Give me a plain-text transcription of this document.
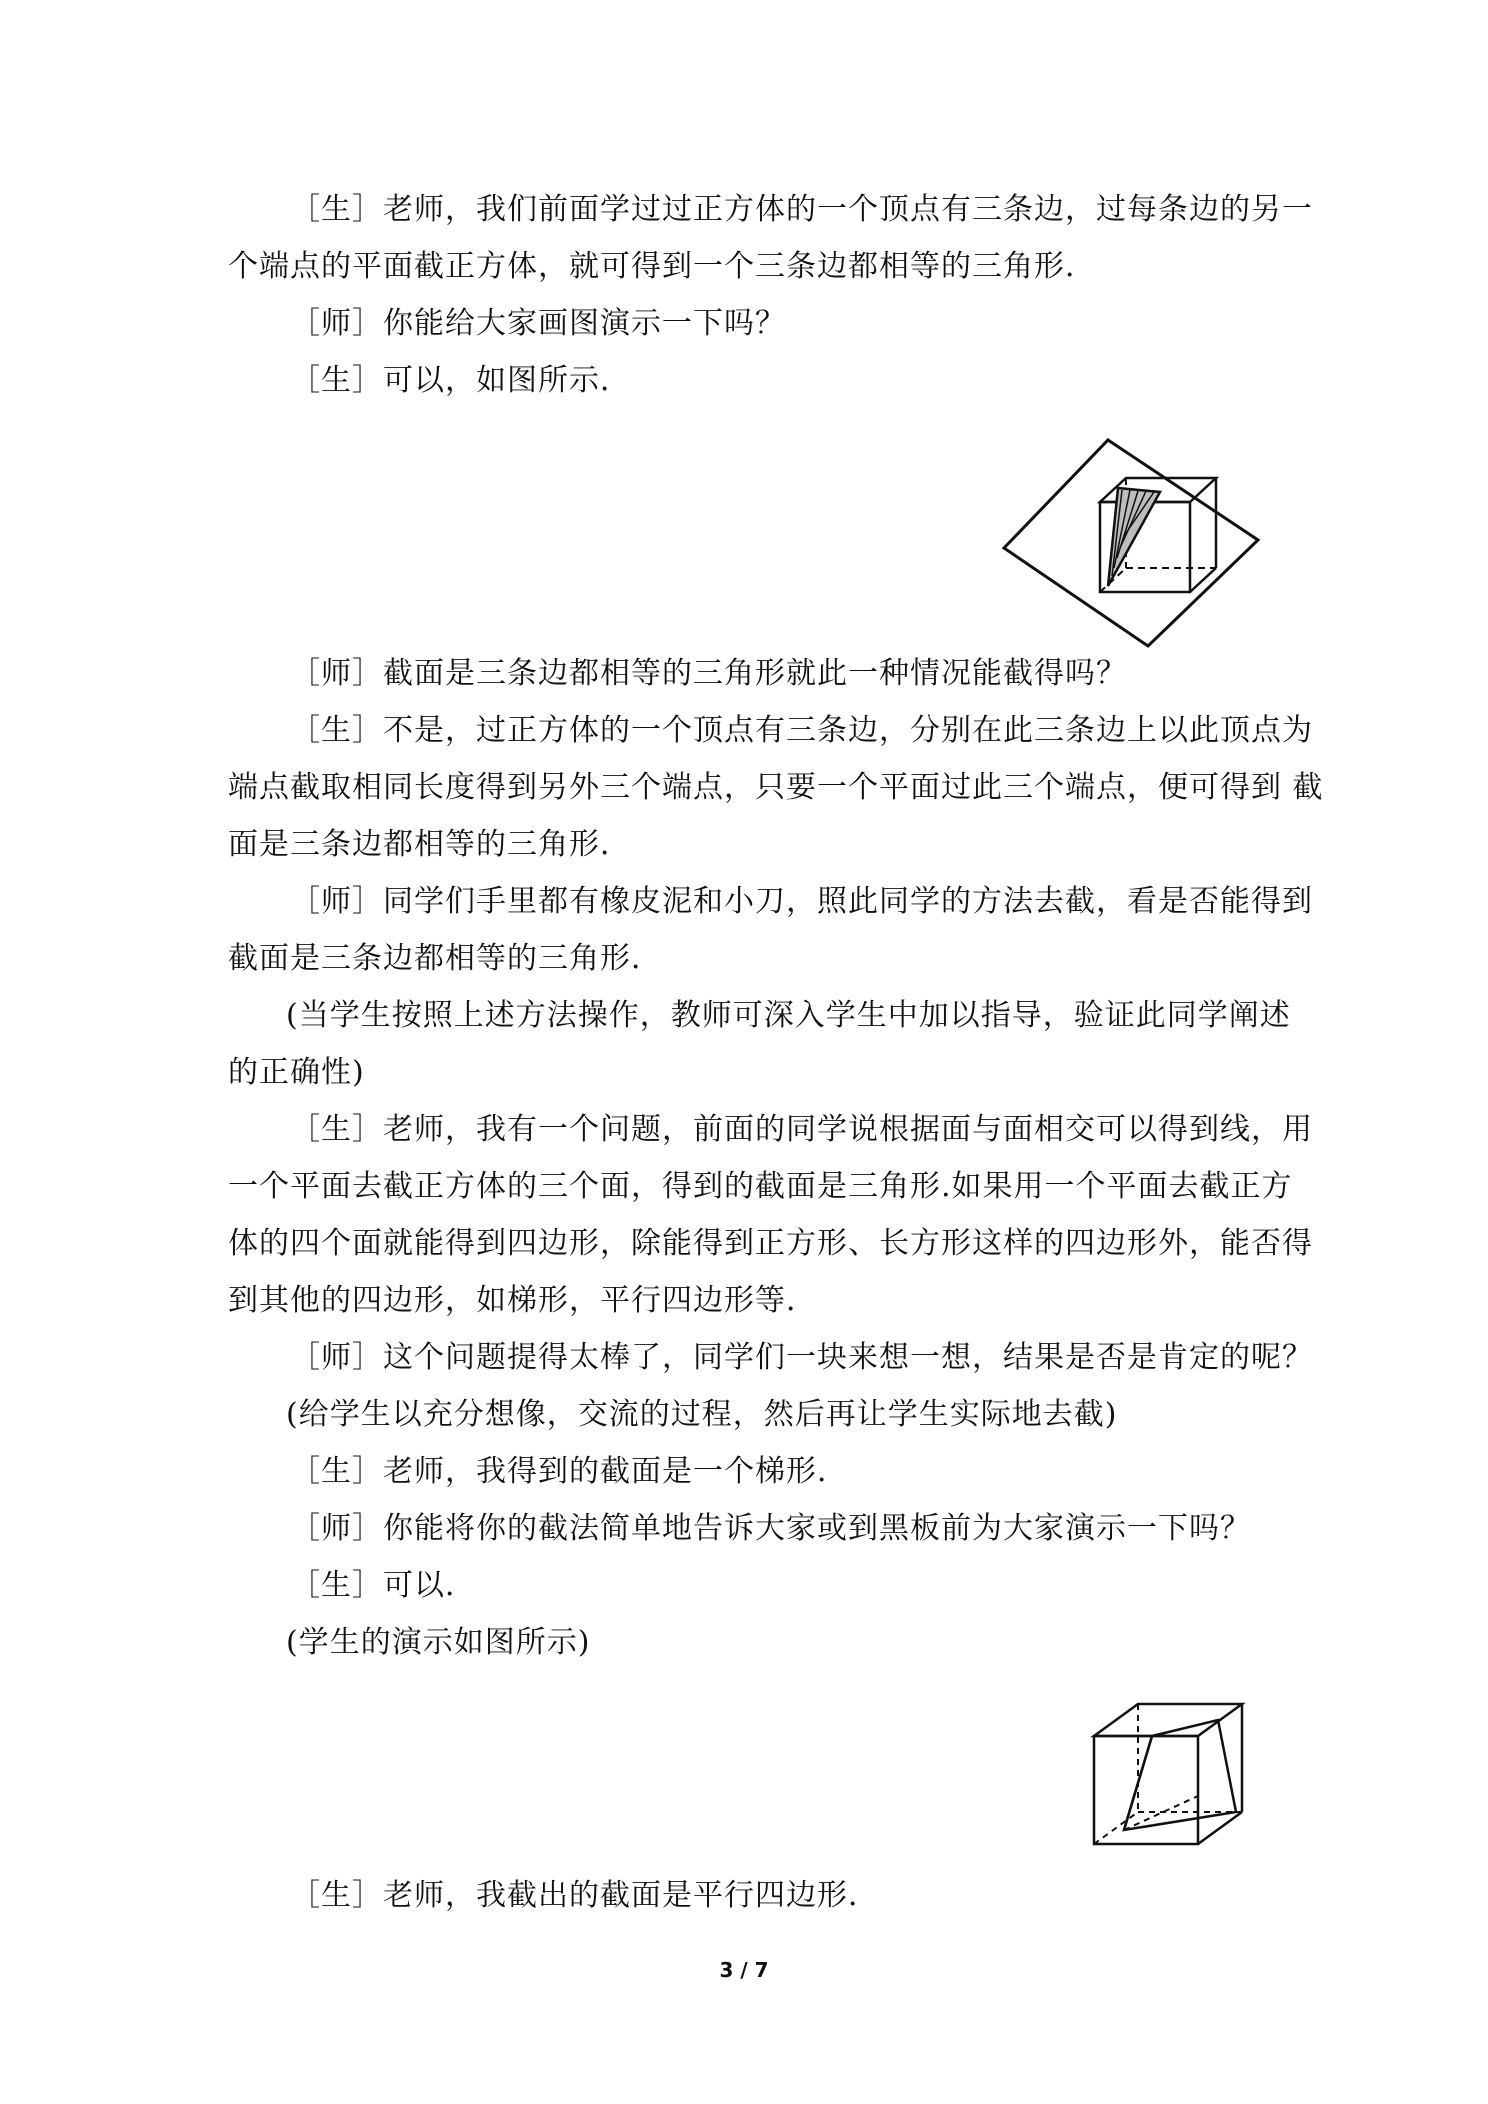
［生］老师，我们前面学过过正方体的一个顶点有三条边，过每条边的另一
个端点的平面截正方体，就可得到一个三条边都相等的三角形．
［师］你能给大家画图演示一下吗？
［生］可以，如图所示．
［师］截面是三条边都相等的三角形就此一种情况能截得吗？
［生］不是，过正方体的一个顶点有三条边，分别在此三条边上以此顶点为
端点截取相同长度得到另外三个端点，只要一个平面过此三个端点，便可得到 截
面是三条边都相等的三角形．
［师］同学们手里都有橡皮泥和小刀，照此同学的方法去截，看是否能得到
截面是三条边都相等的三角形．
(当学生按照上述方法操作，教师可深入学生中加以指导，验证此同学阐述
的正确性)
［生］老师，我有一个问题，前面的同学说根据面与面相交可以得到线，用
一个平面去截正方体的三个面，得到的截面是三角形.如果用一个平面去截正方
体的四个面就能得到四边形，除能得到正方形、长方形这样的四边形外，能否得
到其他的四边形，如梯形，平行四边形等．
［师］这个问题提得太棒了，同学们一块来想一想，结果是否是肯定的呢？
(给学生以充分想像，交流的过程，然后再让学生实际地去截)
［生］老师，我得到的截面是一个梯形．
［师］你能将你的截法简单地告诉大家或到黑板前为大家演示一下吗？
［生］可以．
(学生的演示如图所示)
［生］老师，我截出的截面是平行四边形．
3 / 7
